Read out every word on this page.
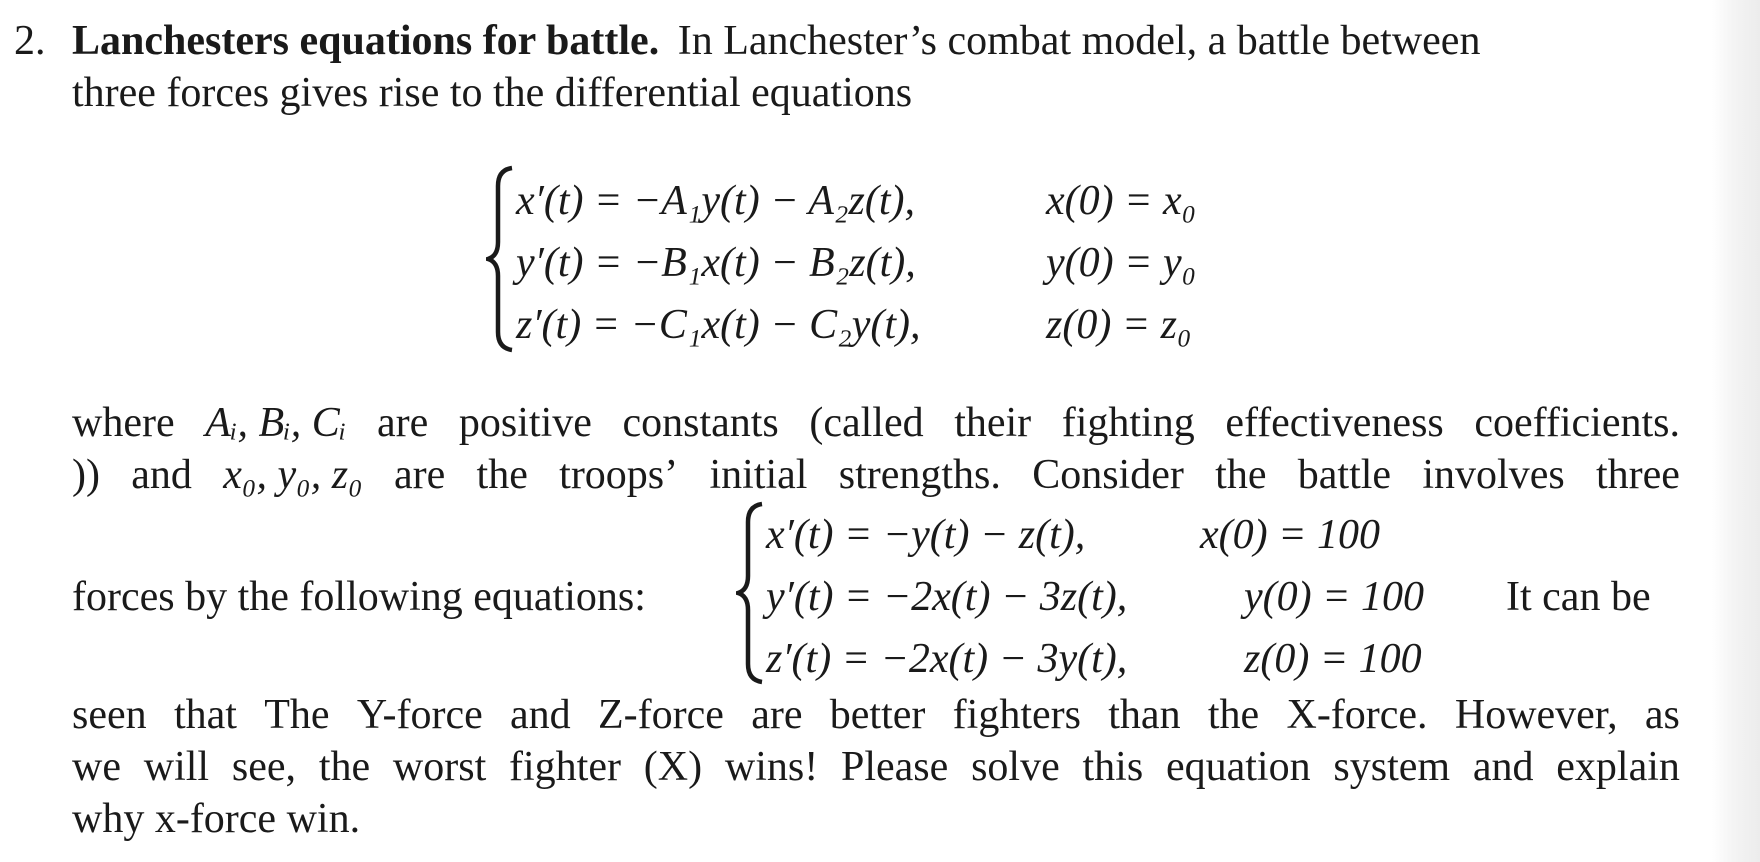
2. Lanchesters equations for battle. In Lanchester’s combat model, a battle between
three forces gives rise to the differential equations
x′(t) = −A₁y(t) − A₂z(t),	x(0) = x₀
y′(t) = −B₁x(t) − B₂z(t),	y(0) = y₀
z′(t) = −C₁x(t) − C₂y(t),	z(0) = z₀
where Aᵢ, Bᵢ, Cᵢ are positive constants (called their fighting effectiveness coefficients.
)) and x₀, y₀, z₀ are the troops’ initial strengths. Consider the battle involves three
x′(t) = −y(t) − z(t),	x(0) = 100
y′(t) = −2x(t) − 3z(t),	y(0) = 100
z′(t) = −2x(t) − 3y(t),	z(0) = 100
forces by the following equations:	It can be
seen that The Y-force and Z-force are better fighters than the X-force. However, as
we will see, the worst fighter (X) wins! Please solve this equation system and explain
why x-force win.
